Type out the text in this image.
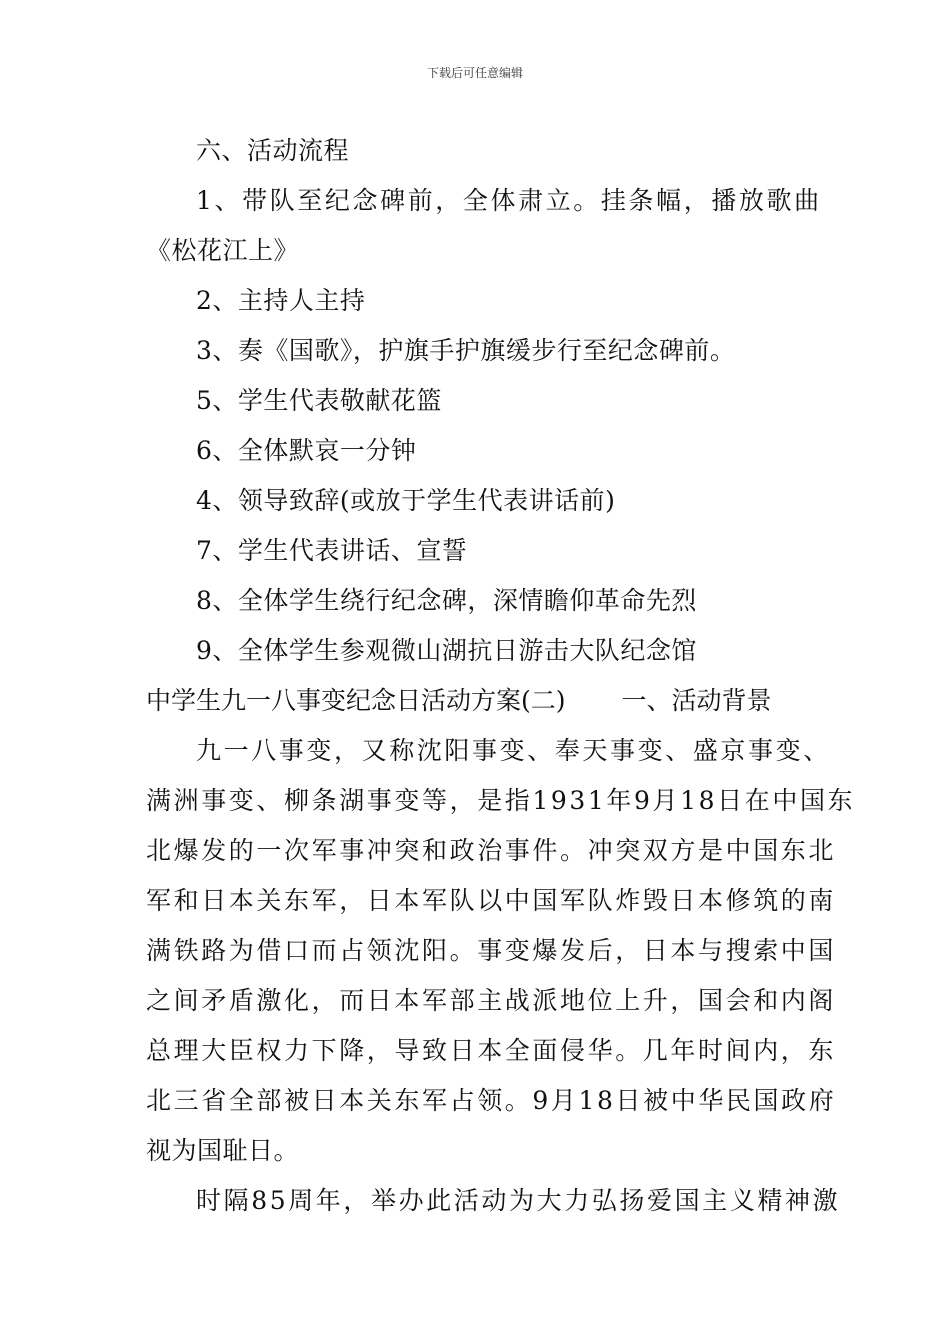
下载后可任意编辑
六、活动流程
1、带队至纪念碑前，全体肃立。挂条幅，播放歌曲
《松花江上》
2、主持人主持
3、奏《国歌》，护旗手护旗缓步行至纪念碑前。
5、学生代表敬献花篮
6、全体默哀一分钟
4、领导致辞(或放于学生代表讲话前)
7、学生代表讲话、宣誓
8、全体学生绕行纪念碑，深情瞻仰革命先烈
9、全体学生参观微山湖抗日游击大队纪念馆
中学生九一八事变纪念日活动方案(二) 一、活动背景
九一八事变，又称沈阳事变、奉天事变、盛京事变、
满洲事变、柳条湖事变等，是指1931年9月18日在中国东
北爆发的一次军事冲突和政治事件。冲突双方是中国东北
军和日本关东军，日本军队以中国军队炸毁日本修筑的南
满铁路为借口而占领沈阳。事变爆发后，日本与搜索中国
之间矛盾激化，而日本军部主战派地位上升，国会和内阁
总理大臣权力下降，导致日本全面侵华。几年时间内，东
北三省全部被日本关东军占领。9月18日被中华民国政府
视为国耻日。
时隔85周年，举办此活动为大力弘扬爱国主义精神激
